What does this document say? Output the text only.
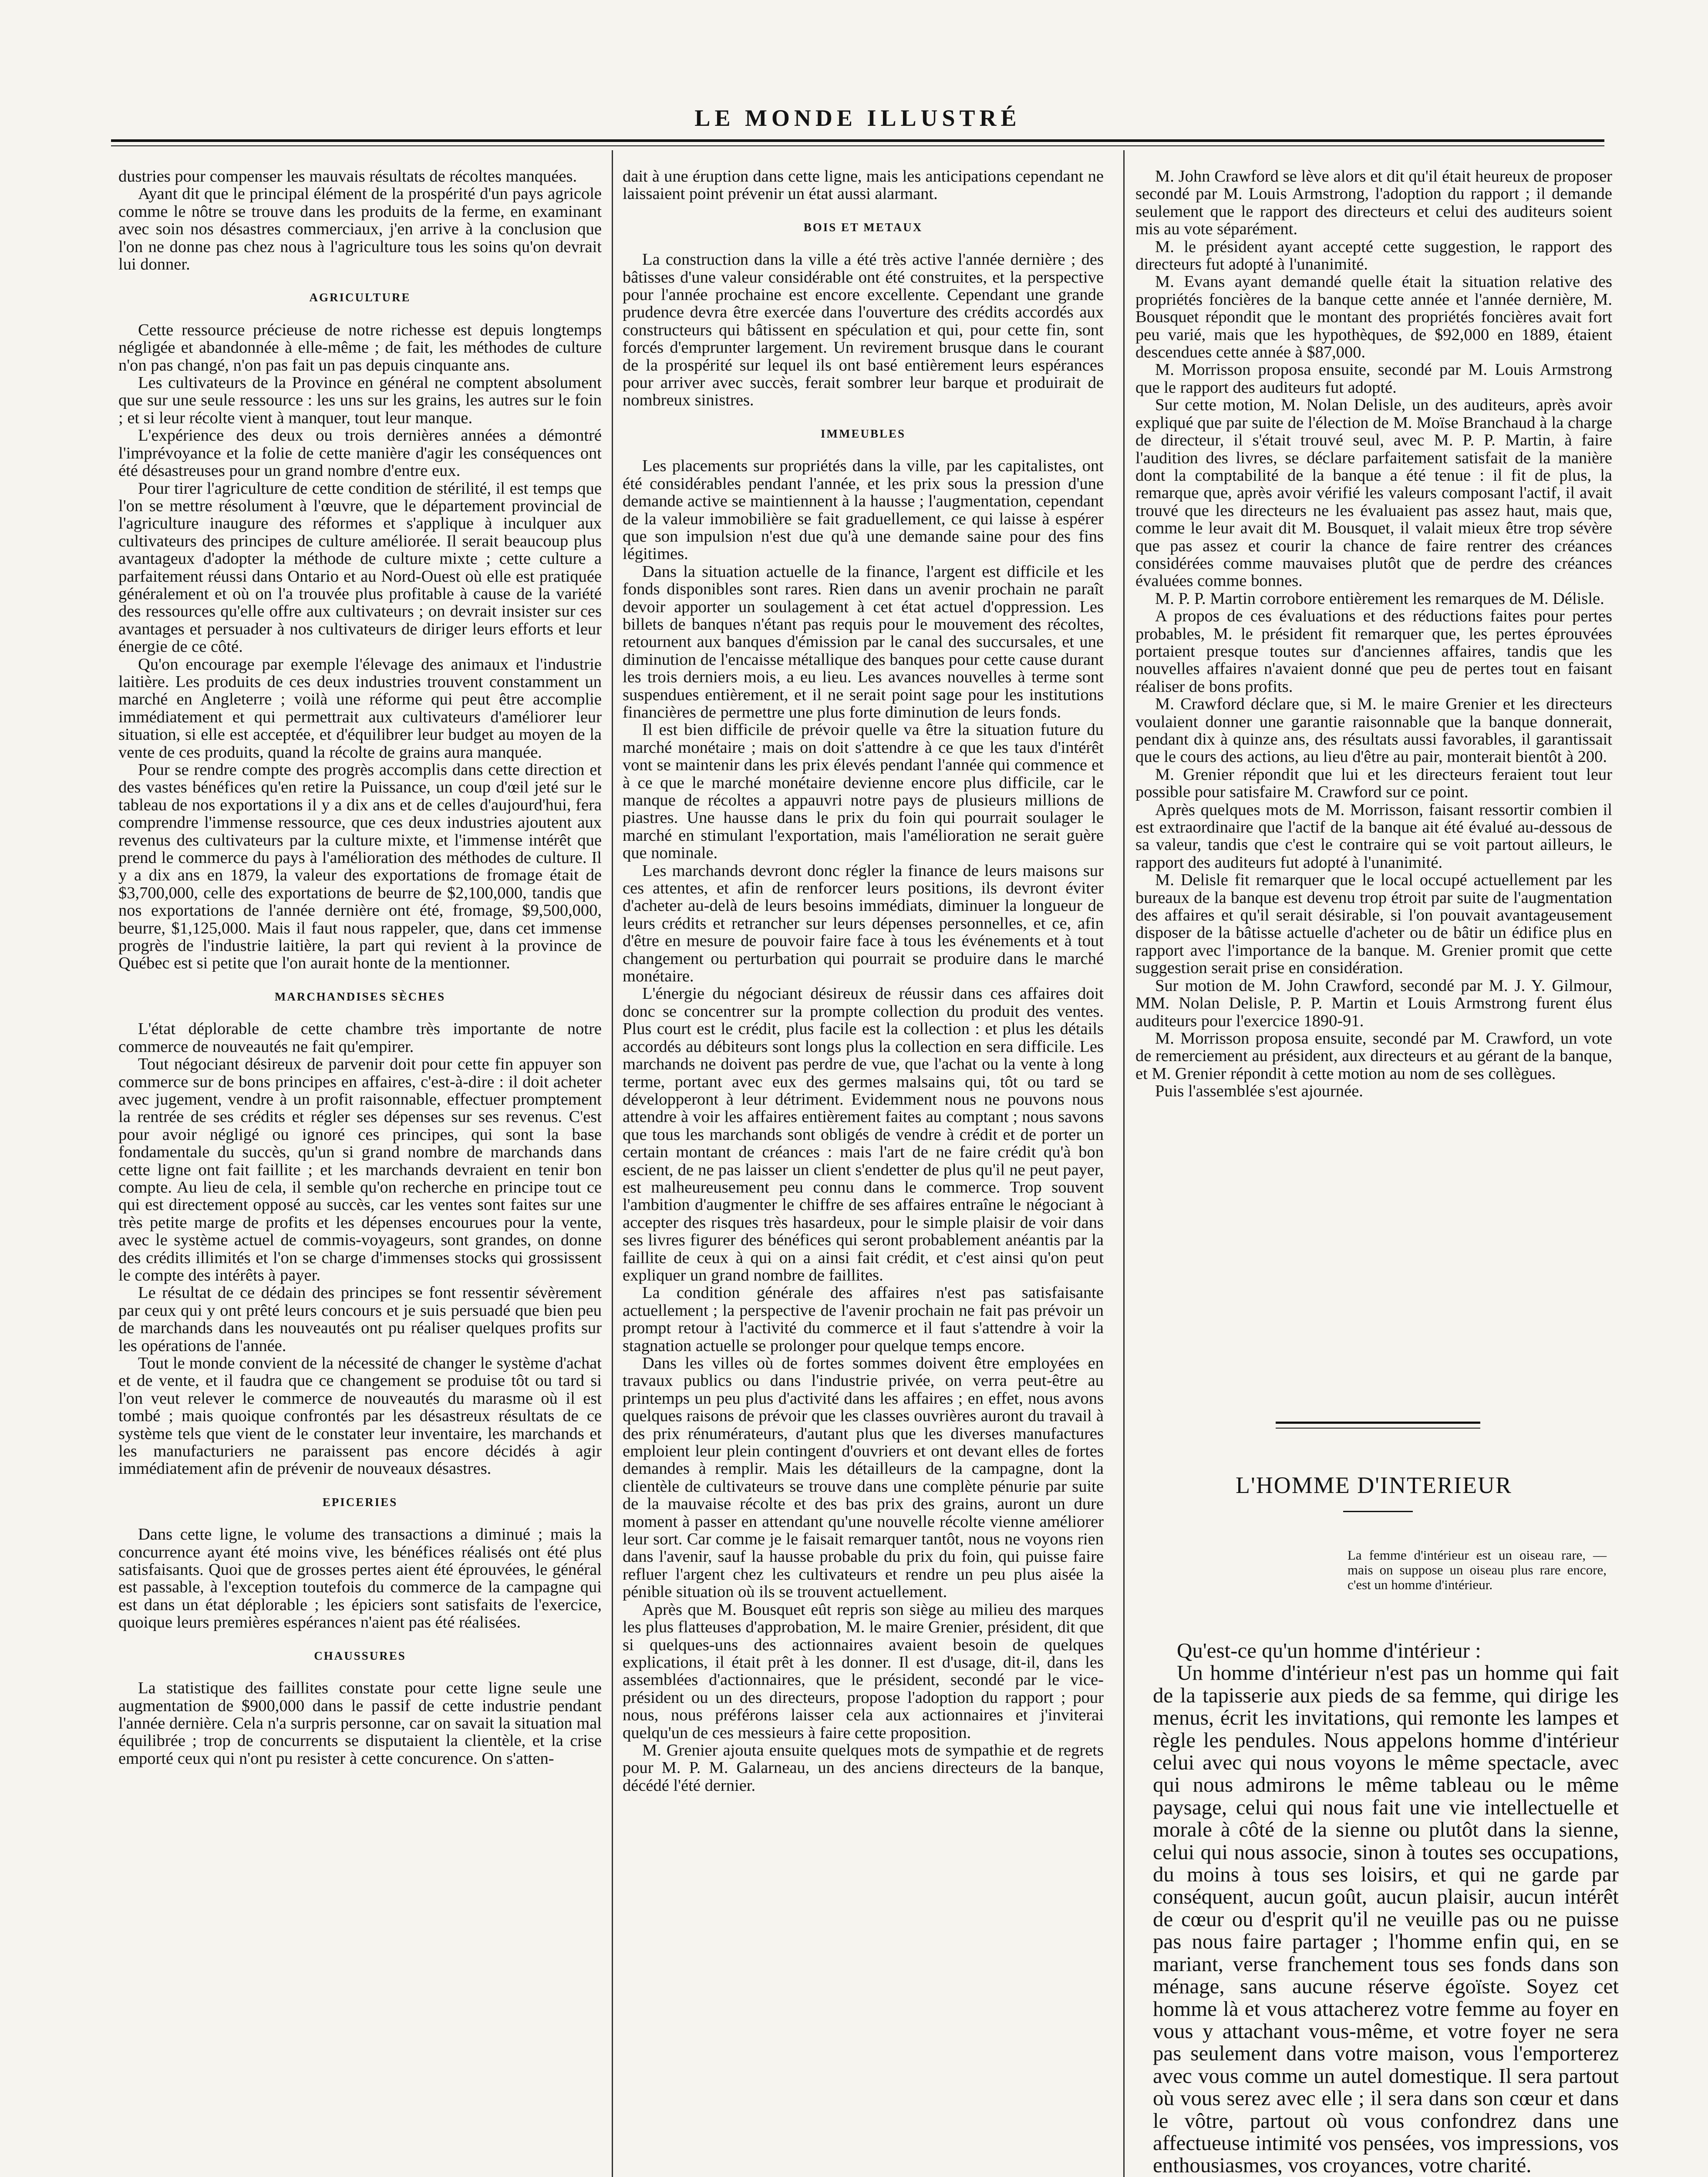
LE MONDE ILLUSTRÉ

dustries pour compenser les mauvais résultats de récoltes manquées.

Ayant dit que le principal élément de la prospérité d'un pays agricole comme le nôtre se trouve dans les produits de la ferme, en examinant avec soin nos désastres commerciaux, j'en arrive à la conclusion que l'on ne donne pas chez nous à l'agriculture tous les soins qu'on devrait lui donner.

AGRICULTURE

Cette ressource précieuse de notre richesse est depuis longtemps négligée et abandonnée à elle-même ; de fait, les méthodes de culture n'on pas changé, n'on pas fait un pas depuis cinquante ans.

Les cultivateurs de la Province en général ne comptent absolument que sur une seule ressource : les uns sur les grains, les autres sur le foin ; et si leur récolte vient à manquer, tout leur manque.

L'expérience des deux ou trois dernières années a démontré l'imprévoyance et la folie de cette manière d'agir les conséquences ont été désastreuses pour un grand nombre d'entre eux.

Pour tirer l'agriculture de cette condition de stérilité, il est temps que l'on se mettre résolument à l'œuvre, que le département provincial de l'agriculture inaugure des réformes et s'applique à inculquer aux cultivateurs des principes de culture améliorée. Il serait beaucoup plus avantageux d'adopter la méthode de culture mixte ; cette culture a parfaitement réussi dans Ontario et au Nord-Ouest où elle est pratiquée généralement et où on l'a trouvée plus profitable à cause de la variété des ressources qu'elle offre aux cultivateurs ; on devrait insister sur ces avantages et persuader à nos cultivateurs de diriger leurs efforts et leur énergie de ce côté.

Qu'on encourage par exemple l'élevage des animaux et l'industrie laitière. Les produits de ces deux industries trouvent constamment un marché en Angleterre ; voilà une réforme qui peut être accomplie immédiatement et qui permettrait aux cultivateurs d'améliorer leur situation, si elle est acceptée, et d'équilibrer leur budget au moyen de la vente de ces produits, quand la récolte de grains aura manquée.

Pour se rendre compte des progrès accomplis dans cette direction et des vastes bénéfices qu'en retire la Puissance, un coup d'œil jeté sur le tableau de nos exportations il y a dix ans et de celles d'aujourd'hui, fera comprendre l'immense ressource, que ces deux industries ajoutent aux revenus des cultivateurs par la culture mixte, et l'immense intérêt que prend le commerce du pays à l'amélioration des méthodes de culture. Il y a dix ans en 1879, la valeur des exportations de fromage était de $3,700,000, celle des exportations de beurre de $2,100,000, tandis que nos exportations de l'année dernière ont été, fromage, $9,500,000, beurre, $1,125,000. Mais il faut nous rappeler, que, dans cet immense progrès de l'industrie laitière, la part qui revient à la province de Québec est si petite que l'on aurait honte de la mentionner.

MARCHANDISES SÈCHES

L'état déplorable de cette chambre très importante de notre commerce de nouveautés ne fait qu'empirer.

Tout négociant désireux de parvenir doit pour cette fin appuyer son commerce sur de bons principes en affaires, c'est-à-dire : il doit acheter avec jugement, vendre à un profit raisonnable, effectuer promptement la rentrée de ses crédits et régler ses dépenses sur ses revenus. C'est pour avoir négligé ou ignoré ces principes, qui sont la base fondamentale du succès, qu'un si grand nombre de marchands dans cette ligne ont fait faillite ; et les marchands devraient en tenir bon compte. Au lieu de cela, il semble qu'on recherche en principe tout ce qui est directement opposé au succès, car les ventes sont faites sur une très petite marge de profits et les dépenses encourues pour la vente, avec le système actuel de commis-voyageurs, sont grandes, on donne des crédits illimités et l'on se charge d'immenses stocks qui grossissent le compte des intérêts à payer.

Le résultat de ce dédain des principes se font ressentir sévèrement par ceux qui y ont prêté leurs concours et je suis persuadé que bien peu de marchands dans les nouveautés ont pu réaliser quelques profits sur les opérations de l'année.

Tout le monde convient de la nécessité de changer le système d'achat et de vente, et il faudra que ce changement se produise tôt ou tard si l'on veut relever le commerce de nouveautés du marasme où il est tombé ; mais quoique confrontés par les désastreux résultats de ce système tels que vient de le constater leur inventaire, les marchands et les manufacturiers ne paraissent pas encore décidés à agir immédiatement afin de prévenir de nouveaux désastres.

EPICERIES

Dans cette ligne, le volume des transactions a diminué ; mais la concurrence ayant été moins vive, les bénéfices réalisés ont été plus satisfaisants. Quoi que de grosses pertes aient été éprouvées, le général est passable, à l'exception toutefois du commerce de la campagne qui est dans un état déplorable ; les épiciers sont satisfaits de l'exercice, quoique leurs premières espérances n'aient pas été réalisées.

CHAUSSURES

La statistique des faillites constate pour cette ligne seule une augmentation de $900,000 dans le passif de cette industrie pendant l'année dernière. Cela n'a surpris personne, car on savait la situation mal équilibrée ; trop de concurrents se disputaient la clientèle, et la crise emporté ceux qui n'ont pu resister à cette concurence. On s'atten-

dait à une éruption dans cette ligne, mais les anticipations cependant ne laissaient point prévenir un état aussi alarmant.

BOIS ET METAUX

La construction dans la ville a été très active l'année dernière ; des bâtisses d'une valeur considérable ont été construites, et la perspective pour l'année prochaine est encore excellente. Cependant une grande prudence devra être exercée dans l'ouverture des crédits accordés aux constructeurs qui bâtissent en spéculation et qui, pour cette fin, sont forcés d'emprunter largement. Un revirement brusque dans le courant de la prospérité sur lequel ils ont basé entièrement leurs espérances pour arriver avec succès, ferait sombrer leur barque et produirait de nombreux sinistres.

IMMEUBLES

Les placements sur propriétés dans la ville, par les capitalistes, ont été considérables pendant l'année, et les prix sous la pression d'une demande active se maintiennent à la hausse ; l'augmentation, cependant de la valeur immobilière se fait graduellement, ce qui laisse à espérer que son impulsion n'est due qu'à une demande saine pour des fins légitimes.

Dans la situation actuelle de la finance, l'argent est difficile et les fonds disponibles sont rares. Rien dans un avenir prochain ne paraît devoir apporter un soulagement à cet état actuel d'oppression. Les billets de banques n'étant pas requis pour le mouvement des récoltes, retournent aux banques d'émission par le canal des succursales, et une diminution de l'encaisse métallique des banques pour cette cause durant les trois derniers mois, a eu lieu. Les avances nouvelles à terme sont suspendues entièrement, et il ne serait point sage pour les institutions financières de permettre une plus forte diminution de leurs fonds.

Il est bien difficile de prévoir quelle va être la situation future du marché monétaire ; mais on doit s'attendre à ce que les taux d'intérêt vont se maintenir dans les prix élevés pendant l'année qui commence et à ce que le marché monétaire devienne encore plus difficile, car le manque de récoltes a appauvri notre pays de plusieurs millions de piastres. Une hausse dans le prix du foin qui pourrait soulager le marché en stimulant l'exportation, mais l'amélioration ne serait guère que nominale.

Les marchands devront donc régler la finance de leurs maisons sur ces attentes, et afin de renforcer leurs positions, ils devront éviter d'acheter au-delà de leurs besoins immédiats, diminuer la longueur de leurs crédits et retrancher sur leurs dépenses personnelles, et ce, afin d'être en mesure de pouvoir faire face à tous les événements et à tout changement ou perturbation qui pourrait se produire dans le marché monétaire.

L'énergie du négociant désireux de réussir dans ces affaires doit donc se concentrer sur la prompte collection du produit des ventes. Plus court est le crédit, plus facile est la collection : et plus les détails accordés au débiteurs sont longs plus la collection en sera difficile. Les marchands ne doivent pas perdre de vue, que l'achat ou la vente à long terme, portant avec eux des germes malsains qui, tôt ou tard se développeront à leur détriment. Evidemment nous ne pouvons nous attendre à voir les affaires entièrement faites au comptant ; nous savons que tous les marchands sont obligés de vendre à crédit et de porter un certain montant de créances : mais l'art de ne faire crédit qu'à bon escient, de ne pas laisser un client s'endetter de plus qu'il ne peut payer, est malheureusement peu connu dans le commerce. Trop souvent l'ambition d'augmenter le chiffre de ses affaires entraîne le négociant à accepter des risques très hasardeux, pour le simple plaisir de voir dans ses livres figurer des bénéfices qui seront probablement anéantis par la faillite de ceux à qui on a ainsi fait crédit, et c'est ainsi qu'on peut expliquer un grand nombre de faillites.

La condition générale des affaires n'est pas satisfaisante actuellement ; la perspective de l'avenir prochain ne fait pas prévoir un prompt retour à l'activité du commerce et il faut s'attendre à voir la stagnation actuelle se prolonger pour quelque temps encore.

Dans les villes où de fortes sommes doivent être employées en travaux publics ou dans l'industrie privée, on verra peut-être au printemps un peu plus d'activité dans les affaires ; en effet, nous avons quelques raisons de prévoir que les classes ouvrières auront du travail à des prix rénumérateurs, d'autant plus que les diverses manufactures emploient leur plein contingent d'ouvriers et ont devant elles de fortes demandes à remplir. Mais les détailleurs de la campagne, dont la clientèle de cultivateurs se trouve dans une complète pénurie par suite de la mauvaise récolte et des bas prix des grains, auront un dure moment à passer en attendant qu'une nouvelle récolte vienne améliorer leur sort. Car comme je le faisait remarquer tantôt, nous ne voyons rien dans l'avenir, sauf la hausse probable du prix du foin, qui puisse faire refluer l'argent chez les cultivateurs et rendre un peu plus aisée la pénible situation où ils se trouvent actuellement.

Après que M. Bousquet eût repris son siège au milieu des marques les plus flatteuses d'approbation, M. le maire Grenier, président, dit que si quelques-uns des actionnaires avaient besoin de quelques explications, il était prêt à les donner. Il est d'usage, dit-il, dans les assemblées d'actionnaires, que le président, secondé par le vice-président ou un des directeurs, propose l'adoption du rapport ; pour nous, nous préférons laisser cela aux actionnaires et j'inviterai quelqu'un de ces messieurs à faire cette proposition.

M. Grenier ajouta ensuite quelques mots de sympathie et de regrets pour M. P. M. Galarneau, un des anciens directeurs de la banque, décédé l'été dernier.

M. John Crawford se lève alors et dit qu'il était heureux de proposer secondé par M. Louis Armstrong, l'adoption du rapport ; il demande seulement que le rapport des directeurs et celui des auditeurs soient mis au vote séparément.

M. le président ayant accepté cette suggestion, le rapport des directeurs fut adopté à l'unanimité.

M. Evans ayant demandé quelle était la situation relative des propriétés foncières de la banque cette année et l'année dernière, M. Bousquet répondit que le montant des propriétés foncières avait fort peu varié, mais que les hypothèques, de $92,000 en 1889, étaient descendues cette année à $87,000.

M. Morrisson proposa ensuite, secondé par M. Louis Armstrong que le rapport des auditeurs fut adopté.

Sur cette motion, M. Nolan Delisle, un des auditeurs, après avoir expliqué que par suite de l'élection de M. Moïse Branchaud à la charge de directeur, il s'était trouvé seul, avec M. P. P. Martin, à faire l'audition des livres, se déclare parfaitement satisfait de la manière dont la comptabilité de la banque a été tenue : il fit de plus, la remarque que, après avoir vérifié les valeurs composant l'actif, il avait trouvé que les directeurs ne les évaluaient pas assez haut, mais que, comme le leur avait dit M. Bousquet, il valait mieux être trop sévère que pas assez et courir la chance de faire rentrer des créances considérées comme mauvaises plutôt que de perdre des créances évaluées comme bonnes.

M. P. P. Martin corrobore entièrement les remarques de M. Délisle.

A propos de ces évaluations et des réductions faites pour pertes probables, M. le président fit remarquer que, les pertes éprouvées portaient presque toutes sur d'anciennes affaires, tandis que les nouvelles affaires n'avaient donné que peu de pertes tout en faisant réaliser de bons profits.

M. Crawford déclare que, si M. le maire Grenier et les directeurs voulaient donner une garantie raisonnable que la banque donnerait, pendant dix à quinze ans, des résultats aussi favorables, il garantissait que le cours des actions, au lieu d'être au pair, monterait bientôt à 200.

M. Grenier répondit que lui et les directeurs feraient tout leur possible pour satisfaire M. Crawford sur ce point.

Après quelques mots de M. Morrisson, faisant ressortir combien il est extraordinaire que l'actif de la banque ait été évalué au-dessous de sa valeur, tandis que c'est le contraire qui se voit partout ailleurs, le rapport des auditeurs fut adopté à l'unanimité.

M. Delisle fit remarquer que le local occupé actuellement par les bureaux de la banque est devenu trop étroit par suite de l'augmentation des affaires et qu'il serait désirable, si l'on pouvait avantageusement disposer de la bâtisse actuelle d'acheter ou de bâtir un édifice plus en rapport avec l'importance de la banque. M. Grenier promit que cette suggestion serait prise en considération.

Sur motion de M. John Crawford, secondé par M. J. Y. Gilmour, MM. Nolan Delisle, P. P. Martin et Louis Armstrong furent élus auditeurs pour l'exercice 1890-91.

M. Morrisson proposa ensuite, secondé par M. Crawford, un vote de remerciement au président, aux directeurs et au gérant de la banque, et M. Grenier répondit à cette motion au nom de ses collègues.

Puis l'assemblée s'est ajournée.

L'HOMME D'INTERIEUR
La femme d'intérieur est un oiseau rare, — mais on suppose un oiseau plus rare encore, c'est un homme d'intérieur.

Qu'est-ce qu'un homme d'intérieur :

Un homme d'intérieur n'est pas un homme qui fait de la tapisserie aux pieds de sa femme, qui dirige les menus, écrit les invitations, qui remonte les lampes et règle les pendules. Nous appelons homme d'intérieur celui avec qui nous voyons le même spectacle, avec qui nous admirons le même tableau ou le même paysage, celui qui nous fait une vie intellectuelle et morale à côté de la sienne ou plutôt dans la sienne, celui qui nous associe, sinon à toutes ses occupations, du moins à tous ses loisirs, et qui ne garde par conséquent, aucun goût, aucun plaisir, aucun intérêt de cœur ou d'esprit qu'il ne veuille pas ou ne puisse pas nous faire partager ; l'homme enfin qui, en se mariant, verse franchement tous ses fonds dans son ménage, sans aucune réserve égoïste. Soyez cet homme là et vous attacherez votre femme au foyer en vous y attachant vous-même, et votre foyer ne sera pas seulement dans votre maison, vous l'emporterez avec vous comme un autel domestique. Il sera partout où vous serez avec elle ; il sera dans son cœur et dans le vôtre, partout où vous confondrez dans une affectueuse intimité vos pensées, vos impressions, vos enthousiasmes, vos croyances, votre charité.
